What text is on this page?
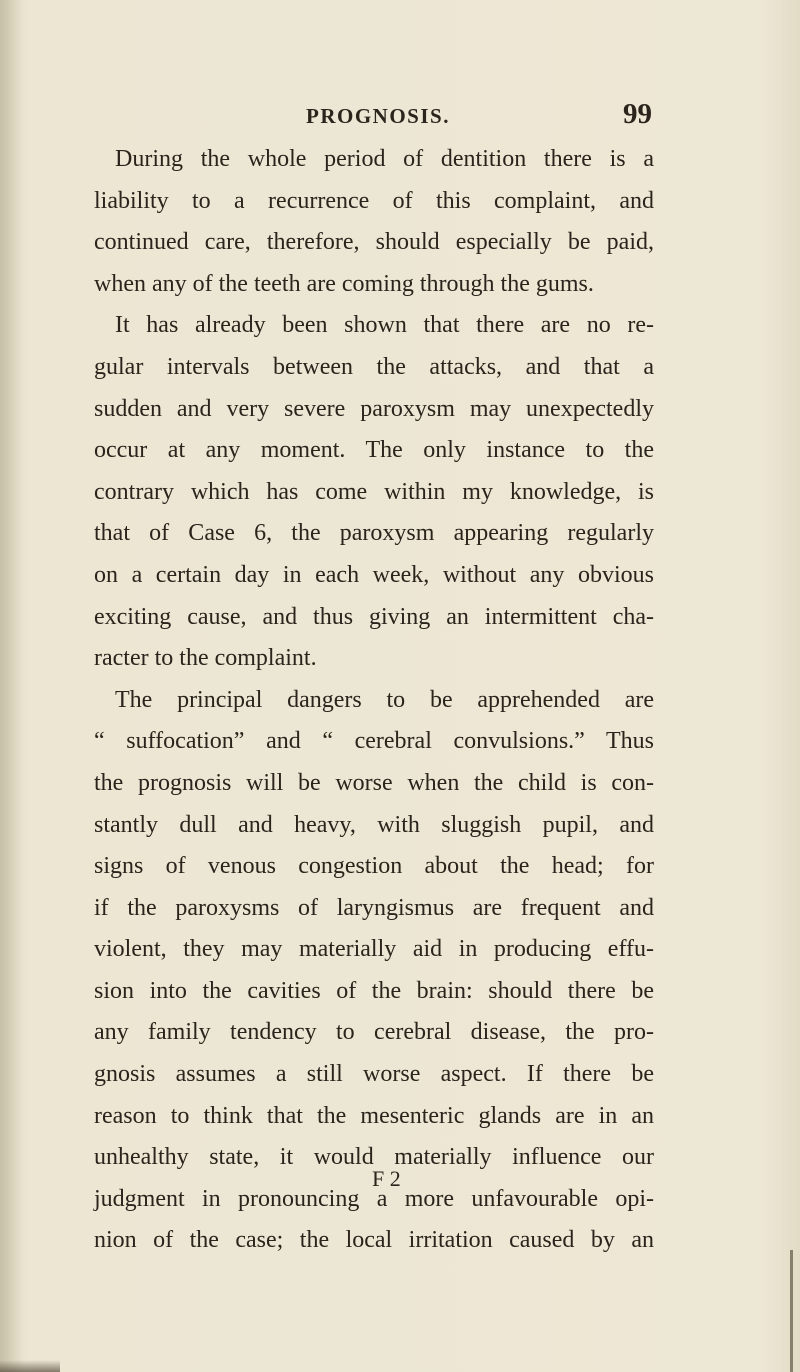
PROGNOSIS.	99
During the whole period of dentition there is a
liability to a recurrence of this complaint, and
continued care, therefore, should especially be paid,
when any of the teeth are coming through the gums.
It has already been shown that there are no re-
gular intervals between the attacks, and that a
sudden and very severe paroxysm may unexpectedly
occur at any moment. The only instance to the
contrary which has come within my knowledge, is
that of Case 6, the paroxysm appearing regularly
on a certain day in each week, without any obvious
exciting cause, and thus giving an intermittent cha-
racter to the complaint.
The principal dangers to be apprehended are
“ suffocation” and “ cerebral convulsions.” Thus
the prognosis will be worse when the child is con-
stantly dull and heavy, with sluggish pupil, and
signs of venous congestion about the head; for
if the paroxysms of laryngismus are frequent and
violent, they may materially aid in producing effu-
sion into the cavities of the brain: should there be
any family tendency to cerebral disease, the pro-
gnosis assumes a still worse aspect. If there be
reason to think that the mesenteric glands are in an
unhealthy state, it would materially influence our
judgment in pronouncing a more unfavourable opi-
nion of the case; the local irritation caused by an
F 2
